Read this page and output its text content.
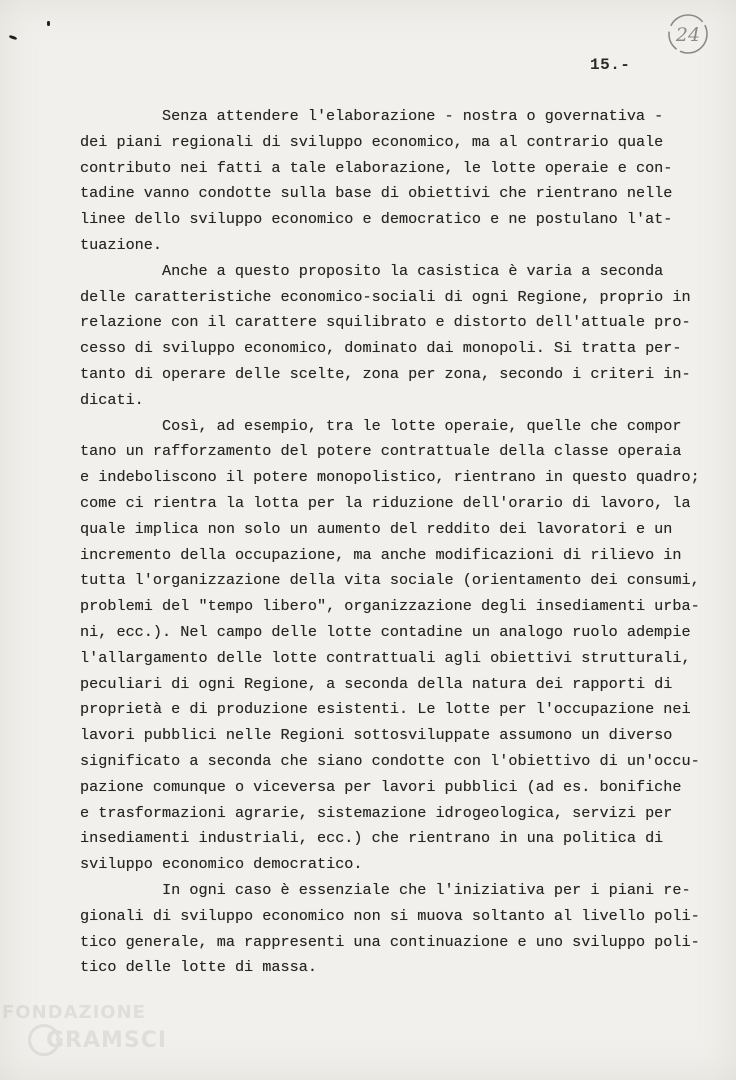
24
15.-
Senza attendere l'elaborazione - nostra o governativa -
dei piani regionali di sviluppo economico, ma al contrario quale
contributo nei fatti a tale elaborazione, le lotte operaie e con-
tadine vanno condotte sulla base di obiettivi che rientrano nelle
linee dello sviluppo economico e democratico e ne postulano l'at-
tuazione.
Anche a questo proposito la casistica è varia a seconda
delle caratteristiche economico-sociali di ogni Regione, proprio in
relazione con il carattere squilibrato e distorto dell'attuale pro-
cesso di sviluppo economico, dominato dai monopoli. Si tratta per-
tanto di operare delle scelte, zona per zona, secondo i criteri in-
dicati.
Così, ad esempio, tra le lotte operaie, quelle che compor
tano un rafforzamento del potere contrattuale della classe operaia
e indeboliscono il potere monopolistico, rientrano in questo quadro;
come ci rientra la lotta per la riduzione dell'orario di lavoro, la
quale implica non solo un aumento del reddito dei lavoratori e un
incremento della occupazione, ma anche modificazioni di rilievo in
tutta l'organizzazione della vita sociale (orientamento dei consumi,
problemi del "tempo libero", organizzazione degli insediamenti urba-
ni, ecc.). Nel campo delle lotte contadine un analogo ruolo adempie
l'allargamento delle lotte contrattuali agli obiettivi strutturali,
peculiari di ogni Regione, a seconda della natura dei rapporti di
proprietà e di produzione esistenti. Le lotte per l'occupazione nei
lavori pubblici nelle Regioni sottosviluppate assumono un diverso
significato a seconda che siano condotte con l'obiettivo di un'occu-
pazione comunque o viceversa per lavori pubblici (ad es. bonifiche
e trasformazioni agrarie, sistemazione idrogeologica, servizi per
insediamenti industriali, ecc.) che rientrano in una politica di
sviluppo economico democratico.
In ogni caso è essenziale che l'iniziativa per i piani re-
gionali di sviluppo economico non si muova soltanto al livello poli-
tico generale, ma rappresenti una continuazione e uno sviluppo poli-
tico delle lotte di massa.
FONDAZIONE
GRAMSCI
